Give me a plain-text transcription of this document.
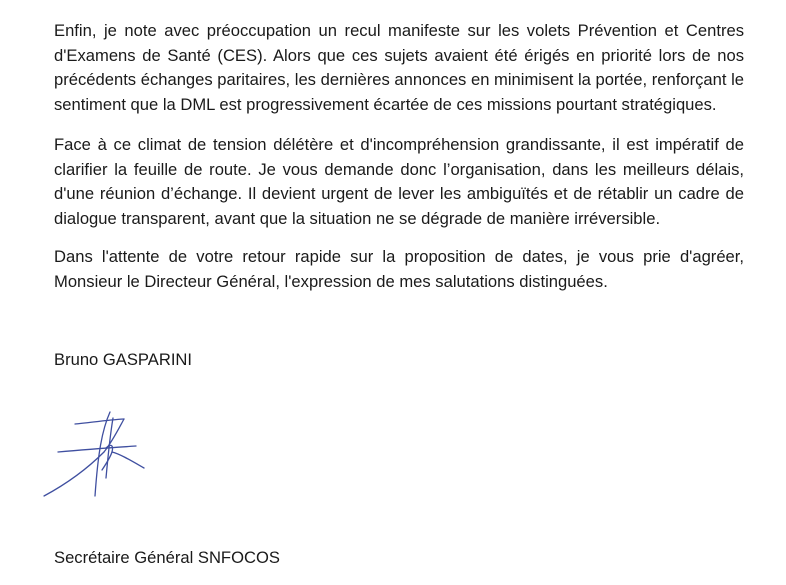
Enfin, je note avec préoccupation un recul manifeste sur les volets Prévention et Centres d'Examens de Santé (CES). Alors que ces sujets avaient été érigés en priorité lors de nos précédents échanges paritaires, les dernières annonces en minimisent la portée, renforçant le sentiment que la DML est progressivement écartée de ces missions pourtant stratégiques.

Face à ce climat de tension délétère et d'incompréhension grandissante, il est impératif de clarifier la feuille de route. Je vous demande donc l’organisation, dans les meilleurs délais, d'une réunion d’échange. Il devient urgent de lever les ambiguïtés et de rétablir un cadre de dialogue transparent, avant que la situation ne se dégrade de manière irréversible.

Dans l'attente de votre retour rapide sur la proposition de dates, je vous prie d'agréer, Monsieur le Directeur Général, l'expression de mes salutations distinguées.

Bruno GASPARINI

Secrétaire Général SNFOCOS
